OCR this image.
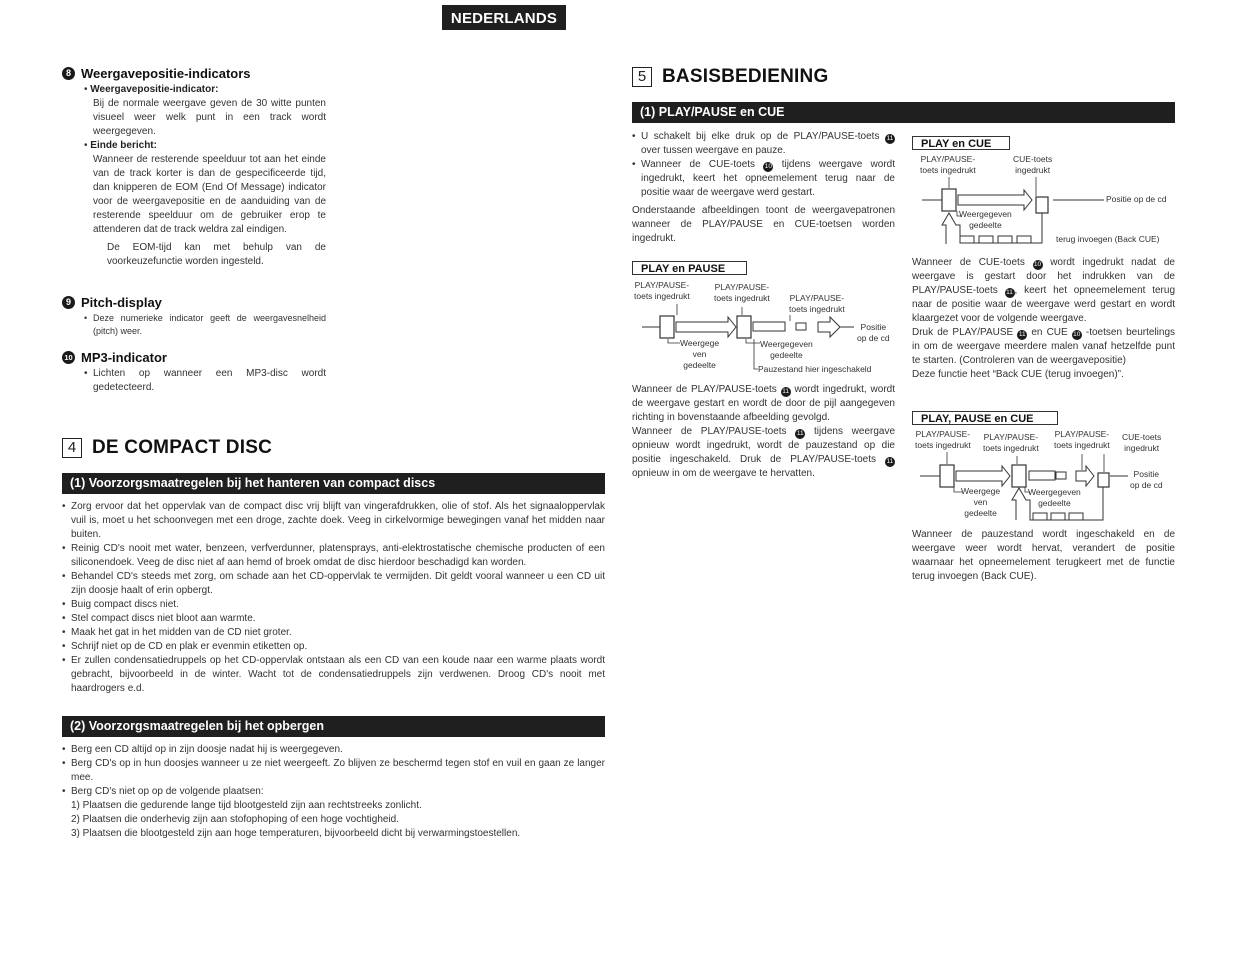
NEDERLANDS
8 Weergavepositie-indicators
• Weergavepositie-indicator:
Bij de normale weergave geven de 30 witte punten visueel weer welk punt in een track wordt weergegeven.
• Einde bericht:
Wanneer de resterende speelduur tot aan het einde van de track korter is dan de gespecificeerde tijd, dan knipperen de EOM (End Of Message) indicator voor de weergavepositie en de aanduiding van de resterende speelduur om de gebruiker erop te attenderen dat de track weldra zal eindigen.
De EOM-tijd kan met behulp van de voorkeuzefunctie worden ingesteld.
9 Pitch-display
• Deze numerieke indicator geeft de weergavesnelheid (pitch) weer.
10 MP3-indicator
• Lichten op wanneer een MP3-disc wordt gedetecteerd.
4 DE COMPACT DISC
(1) Voorzorgsmaatregelen bij het hanteren van compact discs
• Zorg ervoor dat het oppervlak van de compact disc vrij blijft van vingerafdrukken, olie of stof. Als het signaaloppervlak vuil is, moet u het schoonvegen met een droge, zachte doek. Veeg in cirkelvormige bewegingen vanaf het midden naar buiten.
• Reinig CD's nooit met water, benzeen, verfverdunner, platensprays, anti-elektrostatische chemische producten of een siliconendoek. Veeg de disc niet af aan hemd of broek omdat de disc hierdoor beschadigd kan worden.
• Behandel CD's steeds met zorg, om schade aan het CD-oppervlak te vermijden. Dit geldt vooral wanneer u een CD uit zijn doosje haalt of erin opbergt.
• Buig compact discs niet.
• Stel compact discs niet bloot aan warmte.
• Maak het gat in het midden van de CD niet groter.
• Schrijf niet op de CD en plak er evenmin etiketten op.
• Er zullen condensatiedruppels op het CD-oppervlak ontstaan als een CD van een koude naar een warme plaats wordt gebracht, bijvoorbeeld in de winter. Wacht tot de condensatiedruppels zijn verdwenen. Droog CD's nooit met haardrogers e.d.
(2) Voorzorgsmaatregelen bij het opbergen
• Berg een CD altijd op in zijn doosje nadat hij is weergegeven.
• Berg CD's op in hun doosjes wanneer u ze niet weergeeft. Zo blijven ze beschermd tegen stof en vuil en gaan ze langer mee.
• Berg CD's niet op op de volgende plaatsen:
1) Plaatsen die gedurende lange tijd blootgesteld zijn aan rechtstreeks zonlicht.
2) Plaatsen die onderhevig zijn aan stofophoping of een hoge vochtigheid.
3) Plaatsen die blootgesteld zijn aan hoge temperaturen, bijvoorbeeld dicht bij verwarmingstoestellen.
5 BASISBEDIENING
(1) PLAY/PAUSE en CUE
• U schakelt bij elke druk op de PLAY/PAUSE-toets 11 over tussen weergave en pauze.
• Wanneer de CUE-toets 10 tijdens weergave wordt ingedrukt, keert het opneemelement terug naar de positie waar de weergave werd gestart.
Onderstaande afbeeldingen toont de weergavepatronen wanneer de PLAY/PAUSE en CUE-toetsen worden ingedrukt.
PLAY en PAUSE
PLAY/PAUSE-
toets ingedrukt
PLAY/PAUSE-
toets ingedrukt PLAY/PAUSE-
toets ingedrukt
Positie
op de cd
Weergege
ven
gedeelte
Weergegeven
gedeelte
Pauzestand hier ingeschakeld
Wanneer de PLAY/PAUSE-toets 11 wordt ingedrukt, wordt de weergave gestart en wordt de door de pijl aangegeven richting in bovenstaande afbeelding gevolgd.
Wanneer de PLAY/PAUSE-toets 11 tijdens weergave opnieuw wordt ingedrukt, wordt de pauzestand op die positie ingeschakeld. Druk de PLAY/PAUSE-toets 11 opnieuw in om de weergave te hervatten.
PLAY en CUE
PLAY/PAUSE-
toets ingedrukt
CUE-toets
ingedrukt
Positie op de cd
Weergegeven
gedeelte
terug invoegen (Back CUE)
Wanneer de CUE-toets 10 wordt ingedrukt nadat de weergave is gestart door het indrukken van de PLAY/PAUSE-toets 11 , keert het opneemelement terug naar de positie waar de weergave werd gestart en wordt klaargezet voor de volgende weergave.
Druk de PLAY/PAUSE 11 en CUE 10 -toetsen beurtelings in om de weergave meerdere malen vanaf hetzelfde punt te starten. (Controleren van de weergavepositie)
Deze functie heet “Back CUE (terug invoegen)”.
PLAY, PAUSE en CUE
PLAY/PAUSE-
toets ingedrukt
PLAY/PAUSE-
toets ingedrukt
PLAY/PAUSE-
toets ingedrukt
CUE-toets
ingedrukt
Positie
op de cd
Weergege
ven
gedeelte
Weergegeven
gedeelte
Wanneer de pauzestand wordt ingeschakeld en de weergave weer wordt hervat, verandert de positie waarnaar het opneemelement terugkeert met de functie terug invoegen (Back CUE).
